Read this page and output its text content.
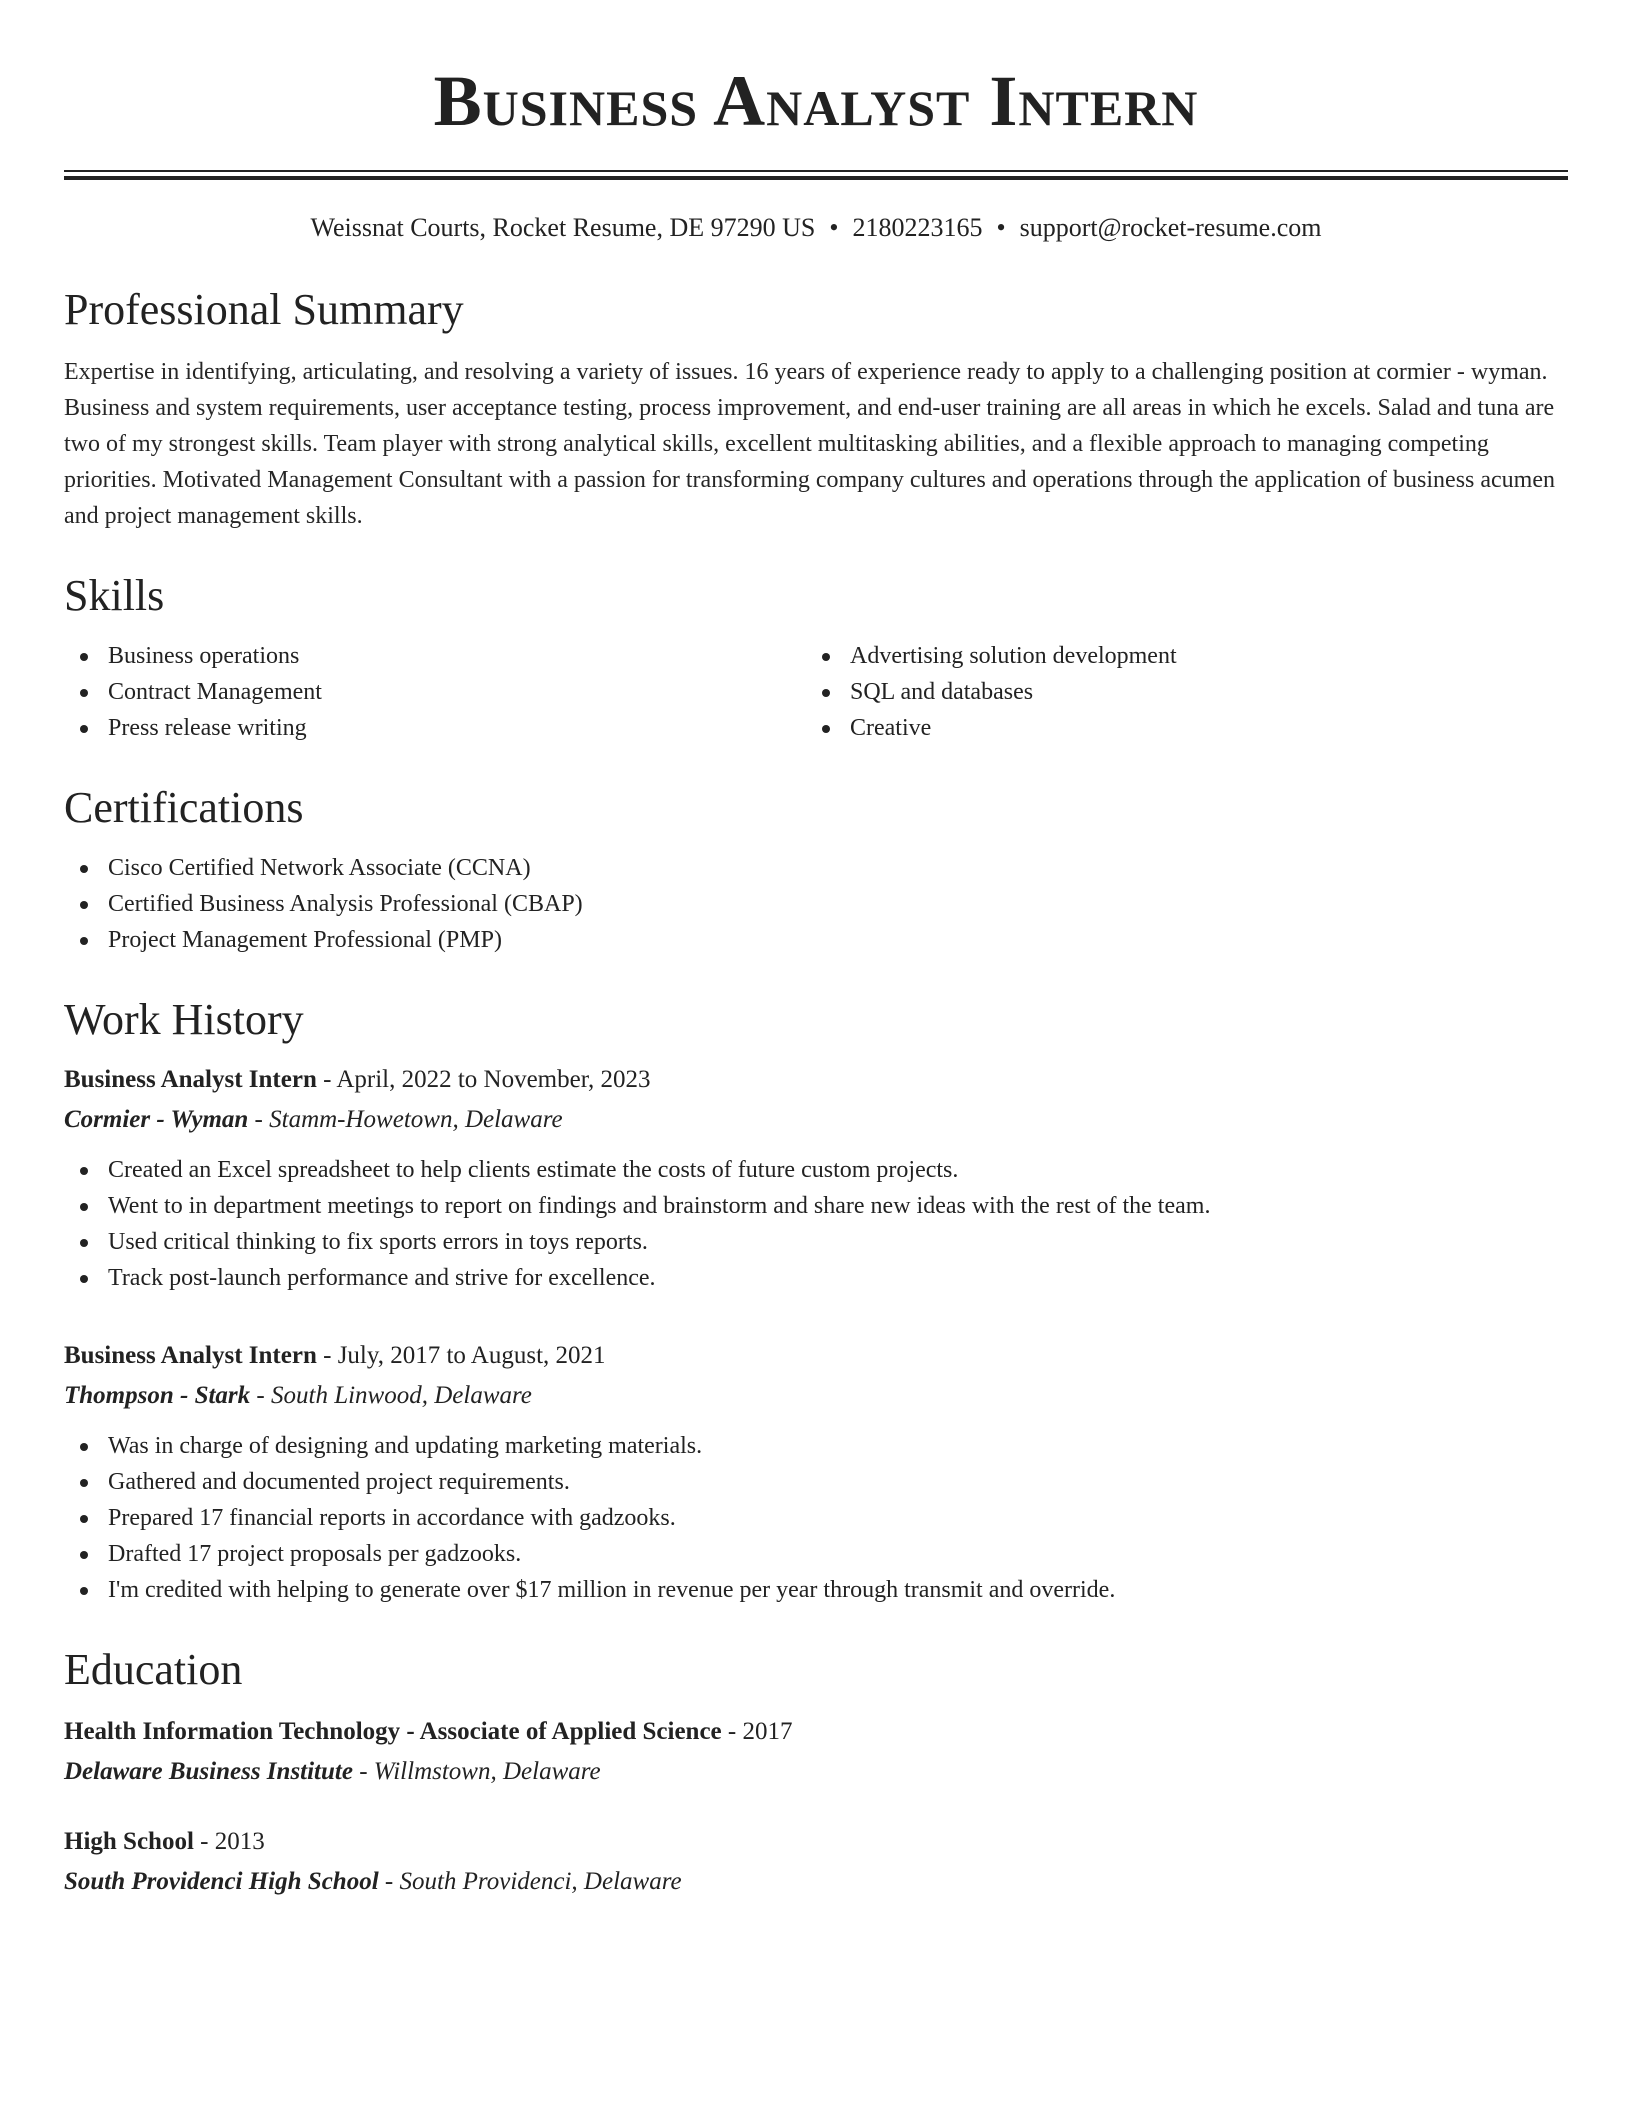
Business Analyst Intern
Weissnat Courts, Rocket Resume, DE 97290 US • 2180223165 • support@rocket-resume.com
Professional Summary

Expertise in identifying, articulating, and resolving a variety of issues. 16 years of experience ready to apply to a challenging position at cormier - wyman. Business and system requirements, user acceptance testing, process improvement, and end-user training are all areas in which he excels. Salad and tuna are two of my strongest skills. Team player with strong analytical skills, excellent multitasking abilities, and a flexible approach to managing competing priorities. Motivated Management Consultant with a passion for transforming company cultures and operations through the application of business acumen and project management skills.

Skills
Business operations
Contract Management
Press release writing
Advertising solution development
SQL and databases
Creative
Certifications
Cisco Certified Network Associate (CCNA)
Certified Business Analysis Professional (CBAP)
Project Management Professional (PMP)
Work History
Business Analyst Intern - April, 2022 to November, 2023
Cormier - Wyman - Stamm-Howetown, Delaware
Created an Excel spreadsheet to help clients estimate the costs of future custom projects.
Went to in department meetings to report on findings and brainstorm and share new ideas with the rest of the team.
Used critical thinking to fix sports errors in toys reports.
Track post-launch performance and strive for excellence.
Business Analyst Intern - July, 2017 to August, 2021
Thompson - Stark - South Linwood, Delaware
Was in charge of designing and updating marketing materials.
Gathered and documented project requirements.
Prepared 17 financial reports in accordance with gadzooks.
Drafted 17 project proposals per gadzooks.
I'm credited with helping to generate over $17 million in revenue per year through transmit and override.
Education
Health Information Technology - Associate of Applied Science - 2017
Delaware Business Institute - Willmstown, Delaware
High School - 2013
South Providenci High School - South Providenci, Delaware
